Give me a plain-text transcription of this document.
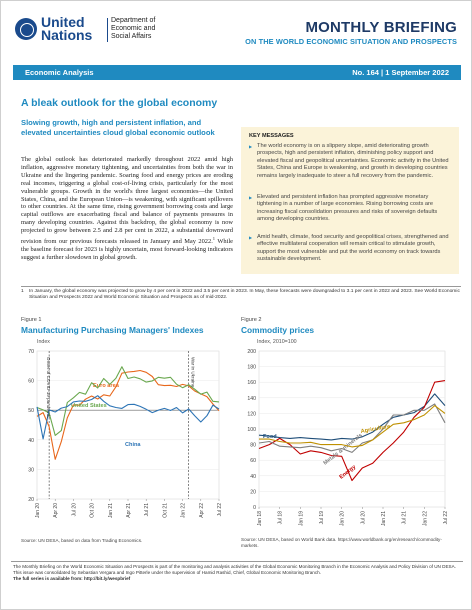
United
Nations
Department of
Economic and
Social Affairs
MONTHLY BRIEFING
ON THE WORLD ECONOMIC SITUATION AND PROSPECTS
Economic Analysis	No. 164 | 1 September 2022
A bleak outlook for the global economy
Slowing growth, high and persistent inflation, and elevated uncertainties cloud global economic outlook
The global outlook has deteriorated markedly throughout 2022 amid high inflation, aggressive monetary tightening, and uncertainties from both the war in Ukraine and the lingering pandemic. Soaring food and energy prices are eroding real incomes, triggering a global cost-of-living crisis, particularly for the most vulnerable groups. Growth in the world's three largest economies—the United States, China, and the European Union—is weakening, with significant spillovers to other countries. At the same time, rising government borrowing costs and large capital outflows are exacerbating fiscal and balance of payments pressures in many developing countries. Against this backdrop, the global economy is now projected to grow between 2.5 and 2.8 per cent in 2022, a substantial downward revision from our previous forecasts released in January and May 2022.$^1$ While the baseline forecast for 2023 is highly uncertain, most forward-looking indicators suggest a further slowdown in global growth.
KEY MESSAGES
▶ The world economy is on a slippery slope, amid deteriorating growth prospects, high and persistent inflation, diminishing policy support and elevated fiscal and geopolitical uncertainties. Economic activity in the United States, China and Europe is weakening, and growth in developing countries remains largely inadequate to steer a full recovery from the pandemic.
▶ Elevated and persistent inflation has prompted aggressive monetary tightening in a number of large economies. Rising borrowing costs are increasing fiscal consolidation pressures and risks of sovereign defaults among developing countries.
▶ Amid health, climate, food security and geopolitical crises, strengthened and effective multilateral cooperation will remain critical to stimulate growth, support the most vulnerable and put the world economy on track towards sustainable development.
1 In January, the global economy was projected to grow by 4 per cent in 2022 and 3.5 per cent in 2023. In May, these forecasts were downgraded to 3.1 per cent in 2022 and 2023. See World Economic Situation and Prospects 2022 and World Economic Situation and Prospects as of mid-2022.
Figure 1
Manufacturing Purchasing Managers' Indexes
Index
20
30
40
50
60
70
Jan 20 Apr 20 Jul 20 Oct 20 Jan 21 Apr 21 Jul 21 Oct 21 Jan 22 Apr 22 Jul 22
Euro area
United States
China
Onset of COVID-19 pandemic	War in Ukraine
Source: UN DESA, based on data from Trading Economics.
Figure 2
Commodity prices
Index, 2010=100
0
20
40
60
80
100
120
140
160
180
200
Jan 18	Jul 18	Jan 19	Jul 19	Jan 20	Jul 20	Jan 21	Jul 21	Jan 22	Jul 22
Food
Energy
Metals & minerals
Agriculture
Source: UN DESA, based on World Bank data. https://www.worldbank.org/en/research/commodity-markets.
The Monthly Briefing on the World Economic Situation and Prospects is part of the monitoring and analysis activities of the Global Economic Monitoring Branch in the Economic Analysis and Policy Division of UN DESA. This issue was consolidated by Sebastian Vergara and Ingo Pitterle under the supervision of Hamid Rashid, Chief, Global Economic Monitoring Branch.
The full series is available from: http://bit.ly/wespbrief
